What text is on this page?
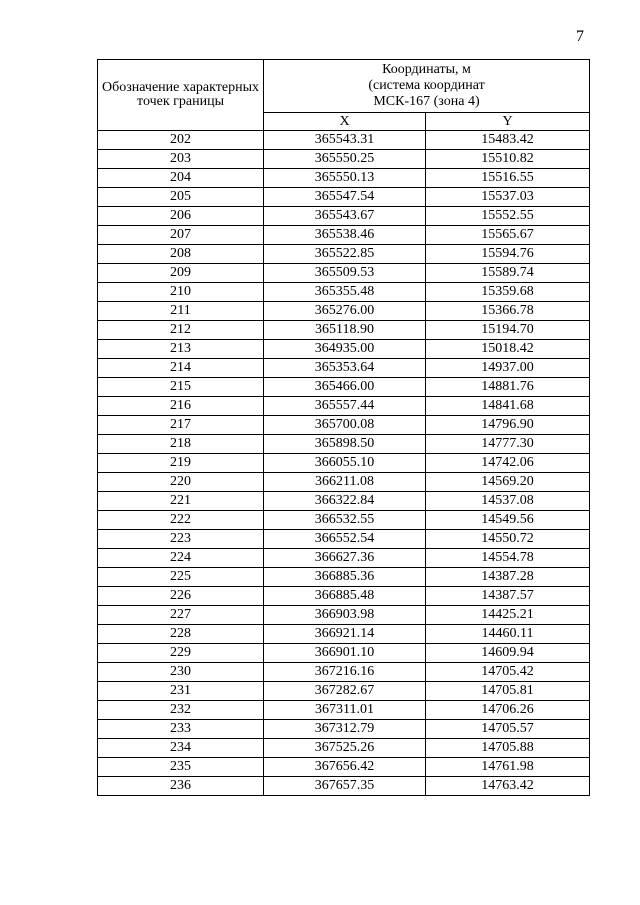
7
Обозначение характерных точек границы	Координаты, м
(система координат
МСК-167 (зона 4)	

	X	Y
202	365543.31	15483.42
203	365550.25	15510.82
204	365550.13	15516.55
205	365547.54	15537.03
206	365543.67	15552.55
207	365538.46	15565.67
208	365522.85	15594.76
209	365509.53	15589.74
210	365355.48	15359.68
211	365276.00	15366.78
212	365118.90	15194.70
213	364935.00	15018.42
214	365353.64	14937.00
215	365466.00	14881.76
216	365557.44	14841.68
217	365700.08	14796.90
218	365898.50	14777.30
219	366055.10	14742.06
220	366211.08	14569.20
221	366322.84	14537.08
222	366532.55	14549.56
223	366552.54	14550.72
224	366627.36	14554.78
225	366885.36	14387.28
226	366885.48	14387.57
227	366903.98	14425.21
228	366921.14	14460.11
229	366901.10	14609.94
230	367216.16	14705.42
231	367282.67	14705.81
232	367311.01	14706.26
233	367312.79	14705.57
234	367525.26	14705.88
235	367656.42	14761.98
236	367657.35	14763.42
